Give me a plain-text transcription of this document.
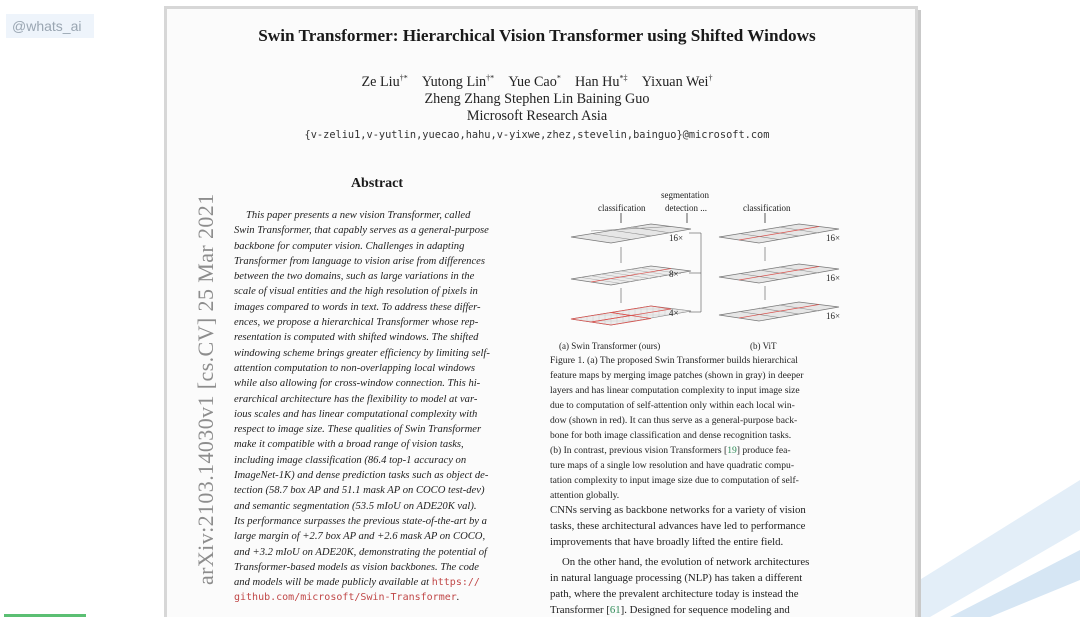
@whats_ai	Swin Transformer: Hierarchical Vision Transformer using Shifted Windows
Ze Liu†* Yutong Lin†* Yue Cao* Han Hu*‡ Yixuan Wei†
Zheng Zhang Stephen Lin Baining Guo
Microsoft Research Asia
{v-zeliu1,v-yutlin,yuecao,hahu,v-yixwe,zhez,stevelin,bainguo}@microsoft.com
arXiv:2103.14030v1 [cs.CV] 25 Mar 2021
Abstract
This paper presents a new vision Transformer, called
Swin Transformer, that capably serves as a general-purpose
backbone for computer vision. Challenges in adapting
Transformer from language to vision arise from differences
between the two domains, such as large variations in the
scale of visual entities and the high resolution of pixels in
images compared to words in text. To address these differ-
ences, we propose a hierarchical Transformer whose rep-
resentation is computed with shifted windows. The shifted
windowing scheme brings greater efficiency by limiting self-
attention computation to non-overlapping local windows
while also allowing for cross-window connection. This hi-
erarchical architecture has the flexibility to model at var-
ious scales and has linear computational complexity with
respect to image size. These qualities of Swin Transformer
make it compatible with a broad range of vision tasks,
including image classification (86.4 top-1 accuracy on
ImageNet-1K) and dense prediction tasks such as object de-
tection (58.7 box AP and 51.1 mask AP on COCO test-dev)
and semantic segmentation (53.5 mIoU on ADE20K val).
Its performance surpasses the previous state-of-the-art by a
large margin of +2.7 box AP and +2.6 mask AP on COCO,
and +3.2 mIoU on ADE20K, demonstrating the potential of
Transformer-based models as vision backbones. The code
and models will be made publicly available at https://
github.com/microsoft/Swin-Transformer.
classification
segmentation
detection ...
16×
8×
4×
classification
16×
16×
16×
(a) Swin Transformer (ours)	(b) ViT
Figure 1. (a) The proposed Swin Transformer builds hierarchical
feature maps by merging image patches (shown in gray) in deeper
layers and has linear computation complexity to input image size
due to computation of self-attention only within each local win-
dow (shown in red). It can thus serve as a general-purpose back-
bone for both image classification and dense recognition tasks.
(b) In contrast, previous vision Transformers [19] produce fea-
ture maps of a single low resolution and have quadratic compu-
tation complexity to input image size due to computation of self-
attention globally.
CNNs serving as backbone networks for a variety of vision
tasks, these architectural advances have led to performance
improvements that have broadly lifted the entire field.
On the other hand, the evolution of network architectures
in natural language processing (NLP) has taken a different
path, where the prevalent architecture today is instead the
Transformer [61]. Designed for sequence modeling and
